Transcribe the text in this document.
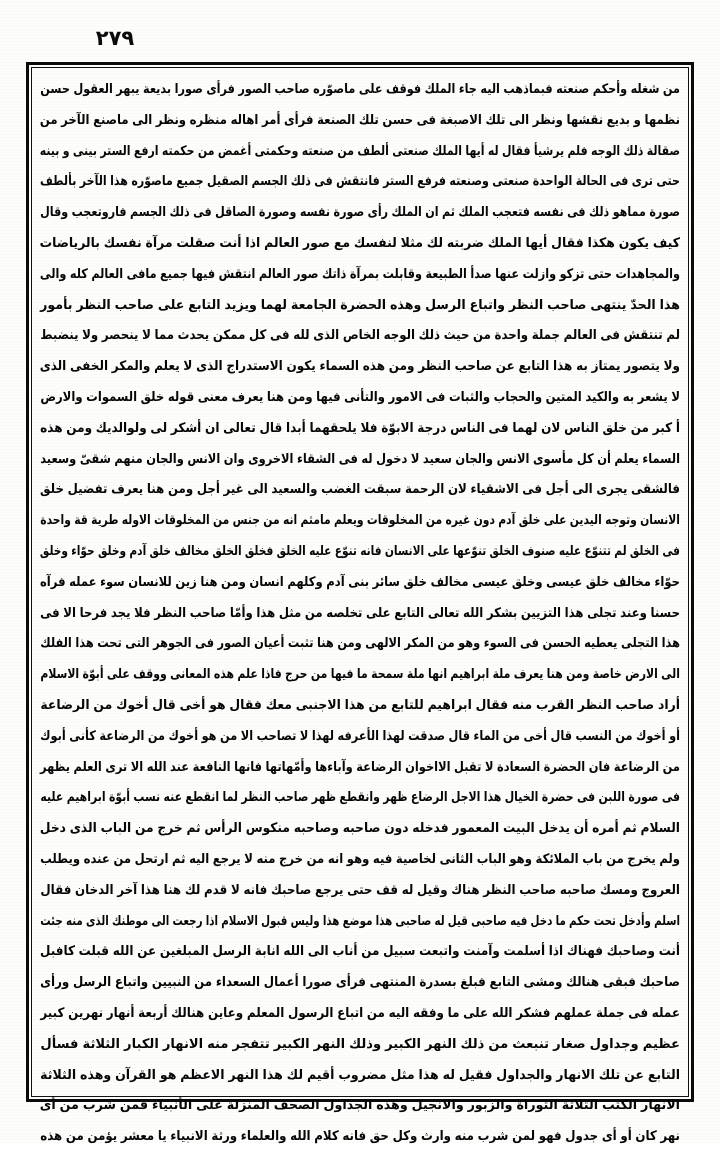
٢٧٩
من شغله وأحكم صنعته فبماذهب اليه جاء الملك فوقف على ماصوّره صاحب الصور فرأى صورا بديعة يبهر العقول حسن
نظمها و بديع نقشها ونظر الى تلك الاصبغة فى حسن تلك الصنعة فرأى أمر اهاله منظره ونظر الى ماصنع الآخر من
صقالة ذلك الوجه فلم يرشيأ فقال له أيها الملك صنعتى ألطف من صنعته وحكمتى أغمض من حكمته ارفع الستر بينى و بينه
حتى ترى فى الحالة الواحدة صنعتى وصنعته فرفع الستر فانتقش فى ذلك الجسم الصقيل جميع ماصوّره هذا الآخر بألطف
صورة مماهو ذلك فى نفسه فتعجب الملك ثم ان الملك رأى صورة نفسه وصورة الصاقل فى ذلك الجسم فاروتعجب وقال
كيف يكون هكذا فقال أيها الملك ضربته لك مثلا لنفسك مع صور العالم اذا أنت صقلت مرآة نفسك بالرياضات
والمجاهدات حتى تزكو وازلت عنها صدأ الطبيعة وقابلت بمرآة ذاتك صور العالم انتقش فيها جميع مافى العالم كله والى
هذا الحدّ ينتهى صاحب النظر واتباع الرسل وهذه الحضرة الجامعة لهما ويزيد التابع على صاحب النظر بأمور
لم تنتقش فى العالم جملة واحدة من حيث ذلك الوجه الخاص الذى لله فى كل ممكن يحدث مما لا ينحصر ولا ينضبط
ولا يتصور يمتاز به هذا التابع عن صاحب النظر ومن هذه السماء يكون الاستدراج الذى لا يعلم والمكر الخفى الذى
لا يشعر به والكيد المتين والحجاب والثبات فى الامور والتأنى فيها ومن هنا يعرف معنى قوله خلق السموات والارض
أ كبر من خلق الناس لان لهما فى الناس درجة الابوّة فلا يلحقهما أبدا قال تعالى ان أشكر لى ولوالديك ومن هذه
السماء يعلم أن كل مأسوى الانس والجان سعيد لا دخول له فى الشقاء الاخروى وان الانس والجان منهم شقىّ وسعيد
فالشقى يجرى الى أجل فى الاشقياء لان الرحمة سبقت الغضب والسعيد الى غير أجل ومن هنا يعرف تفضيل خلق
الانسان وتوجه اليدين على خلق آدم دون غيره من المخلوقات ويعلم مامثم انه من جنس من المخلوقات الاوله طرية قة واحدة
فى الخلق لم تتنوّع عليه صنوف الخلق تنوّعها على الانسان فانه تنوّع عليه الخلق فخلق الخلق مخالف خلق آدم وخلق حوّاء وخلق
حوّاء مخالف خلق عيسى وخلق عيسى مخالف خلق سائر بنى آدم وكلهم انسان ومن هنا زين للانسان سوء عمله فرآه
حسنا وعند تجلى هذا التزيين بشكر الله تعالى التابع على تخلصه من مثل هذا وأمّا صاحب النظر فلا يجد فرحا الا فى
هذا التجلى يعطيه الحسن فى السوء وهو من المكر الالهى ومن هنا تثبت أعيان الصور فى الجوهر التى تحت هذا الفلك
الى الارض خاصة ومن هنا يعرف ملة ابراهيم انها ملة سمحة ما فيها من حرج فاذا علم هذه المعانى ووقف على أبوّة الاسلام
أراد صاحب النظر القرب منه فقال ابراهيم للتابع من هذا الاجنبى معك فقال هو أخى قال أخوك من الرضاعة
أو أخوك من النسب قال أخى من الماء قال صدقت لهذا الأعرفه لهذا لا تصاحب الا من هو أخوك من الرضاعة كأنى أبوك
من الرضاعة فان الحضرة السعادة لا تقبل الااخوان الرضاعة وآباءها وأمّهاتها فانها النافعة عند الله الا ترى العلم يظهر
فى صورة اللبن فى حضرة الخيال هذا الاجل الرضاع ظهر وانقطع ظهر صاحب النظر لما انقطع عنه نسب أبوّة ابراهيم عليه
السلام ثم أمره أن يدخل البيت المعمور فدخله دون صاحبه وصاحبه منكوس الرأس ثم خرج من الباب الذى دخل
ولم يخرج من باب الملائكة وهو الباب الثانى لخاصية فيه وهو انه من خرج منه لا يرجع اليه ثم ارتحل من عنده ويطلب
العروج ومسك صاحبه صاحب النظر هناك وقيل له قف حتى يرجع صاحبك فانه لا قدم لك هنا هذا آخر الدخان فقال
اسلم وأدخل تحت حكم ما دخل فيه صاحبى قيل له صاحبى هذا موضع هذا وليس قبول الاسلام اذا رجعت الى موطنك الذى منه جئت
أنت وصاحبك فهناك اذا أسلمت وآمنت واتبعت سبيل من أناب الى الله انابة الرسل المبلغين عن الله قبلت كافبل
صاحبك فبقى هنالك ومشى التابع فبلغ بسدرة المنتهى فرأى صورا أعمال السعداء من النبيين واتباع الرسل ورأى
عمله فى جملة عملهم فشكر الله على ما وفقه اليه من اتباع الرسول المعلم وعاين هنالك أربعة أنهار نهرين كبير
عظيم وجداول صغار تنبعث من ذلك النهر الكبير وذلك النهر الكبير تتفجر منه الانهار الكبار الثلاثة فسأل
التابع عن تلك الانهار والجداول فقيل له هذا مثل مضروب أقيم لك هذا النهر الاعظم هو القرآن وهذه الثلاثة
الانهار الكتب الثلاثة التوراة والزبور والانجيل وهذه الجداول الصحف المنزلة على الأنبياء فمن شرب من أى
نهر كان أو أى جدول فهو لمن شرب منه وارث وكل حق فانه كلام الله والعلماء ورثة الانبياء يا معشر يؤمن من هذه
